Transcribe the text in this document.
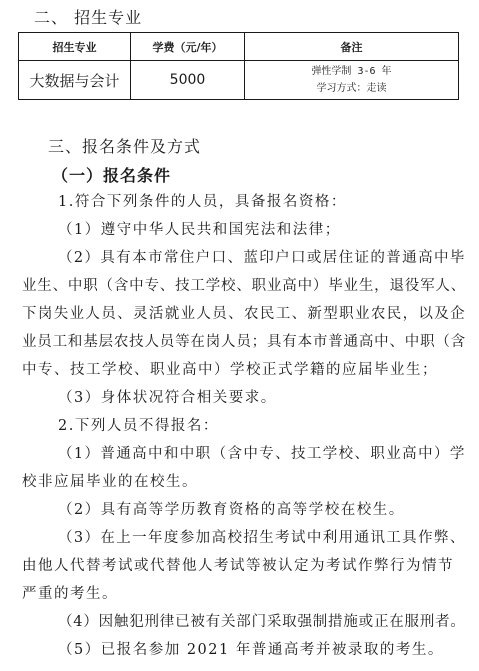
二、 招生专业
招生专业	学费（元/年）	备注
大数据与会计	5000	弹性学制 3-6 年
学习方式：走读
三、报名条件及方式
（一）报名条件
1.符合下列条件的人员，具备报名资格：
（1）遵守中华人民共和国宪法和法律；
（2）具有本市常住户口、蓝印户口或居住证的普通高中毕
业生、中职（含中专、技工学校、职业高中）毕业生，退役军人、
下岗失业人员、灵活就业人员、农民工、新型职业农民，以及企
业员工和基层农技人员等在岗人员；具有本市普通高中、中职（含
中专、技工学校、职业高中）学校正式学籍的应届毕业生；
（3）身体状况符合相关要求。
2.下列人员不得报名：
（1）普通高中和中职（含中专、技工学校、职业高中）学
校非应届毕业的在校生。
（2）具有高等学历教育资格的高等学校在校生。
（3）在上一年度参加高校招生考试中利用通讯工具作弊、
由他人代替考试或代替他人考试等被认定为考试作弊行为情节
严重的考生。
（4）因触犯刑律已被有关部门采取强制措施或正在服刑者。
（5）已报名参加 2021 年普通高考并被录取的考生。
